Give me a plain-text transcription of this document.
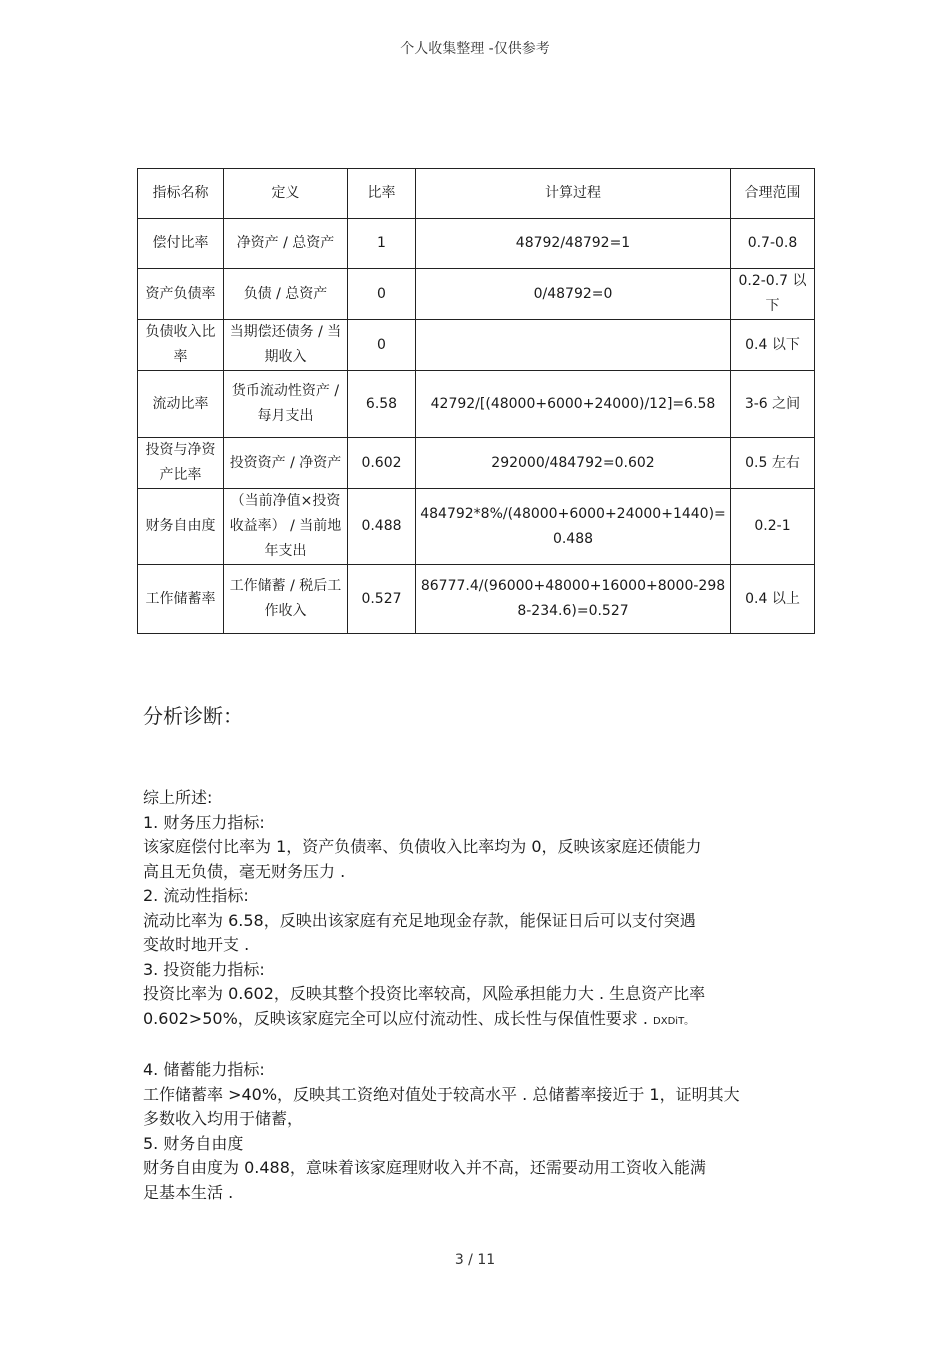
个人收集整理 -仅供参考
指标名称	定义	比率	计算过程	合理范围
偿付比率	净资产 / 总资产	1	48792/48792=1	0.7-0.8
资产负债率	负债 / 总资产	0	0/48792=0	0.2-0.7 以下
负债收入比率	当期偿还债务 / 当期收入	0		0.4 以下
流动比率	货币流动性资产 / 每月支出	6.58	42792/[(48000+6000+24000)/12]=6.58	3-6 之间
投资与净资产比率	投资资产 / 净资产	0.602	292000/484792=0.602	0.5 左右
财务自由度	（当前净值×投资收益率） / 当前地年支出	0.488	484792*8%/(48000+6000+24000+1440)= 0.488	0.2-1
工作储蓄率	工作储蓄 / 税后工作收入	0.527	86777.4/(96000+48000+16000+8000-2988-234.6)=0.527	0.4 以上
分析诊断：
综上所述:
1. 财务压力指标:
该家庭偿付比率为 1，资产负债率、负债收入比率均为 0，反映该家庭还债能力
高且无负债，毫无财务压力 .
2. 流动性指标:
流动比率为 6.58，反映出该家庭有充足地现金存款，能保证日后可以支付突遇
变故时地开支 .
3. 投资能力指标:
投资比率为 0.602，反映其整个投资比率较高，风险承担能力大 . 生息资产比率
0.602>50%，反映该家庭完全可以应付流动性、成长性与保值性要求 . DXDiT。
4. 储蓄能力指标:
工作储蓄率 >40%，反映其工资绝对值处于较高水平 . 总储蓄率接近于 1，证明其大
多数收入均用于储蓄，
5. 财务自由度
财务自由度为 0.488，意味着该家庭理财收入并不高，还需要动用工资收入能满
足基本生活 .
3 / 11
